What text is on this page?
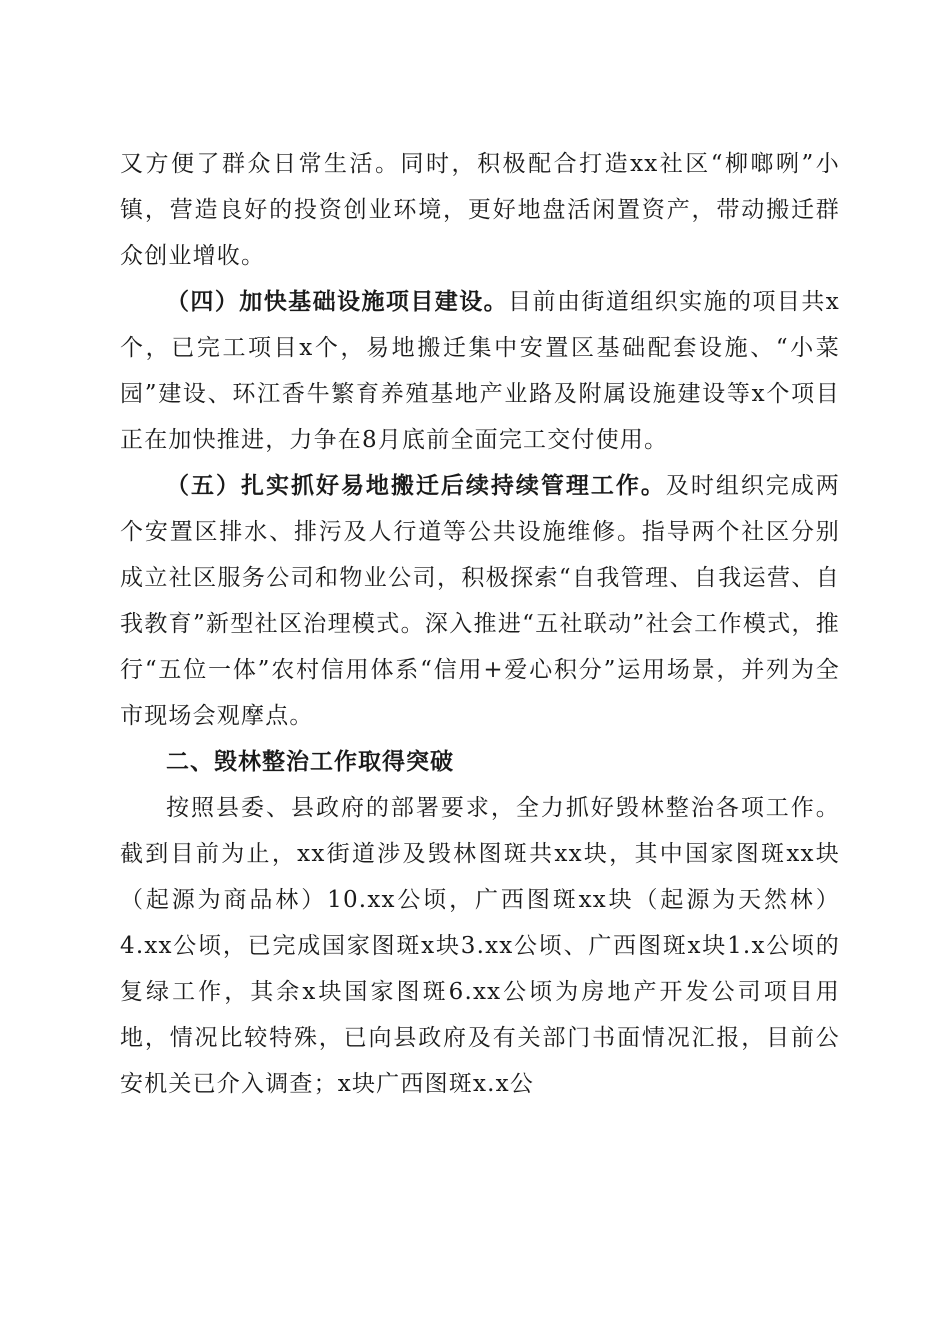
又方便了群众日常生活。同时，积极配合打造xx社区“柳啷咧”小镇，营造良好的投资创业环境，更好地盘活闲置资产，带动搬迁群众创业增收。

（四）加快基础设施项目建设。目前由街道组织实施的项目共x个，已完工项目x个，易地搬迁集中安置区基础配套设施、“小菜园”建设、环江香牛繁育养殖基地产业路及附属设施建设等x个项目正在加快推进，力争在8月底前全面完工交付使用。

（五）扎实抓好易地搬迁后续持续管理工作。及时组织完成两个安置区排水、排污及人行道等公共设施维修。指导两个社区分别成立社区服务公司和物业公司，积极探索“自我管理、自我运营、自我教育”新型社区治理模式。深入推进“五社联动”社会工作模式，推行“五位一体”农村信用体系“信用+爱心积分”运用场景，并列为全市现场会观摩点。

二、毁林整治工作取得突破

按照县委、县政府的部署要求，全力抓好毁林整治各项工作。截到目前为止，xx街道涉及毁林图斑共xx块，其中国家图斑xx块（起源为商品林）10.xx公顷，广西图斑xx块（起源为天然林）4.xx公顷，已完成国家图斑x块3.xx公顷、广西图斑x块1.x公顷的复绿工作，其余x块国家图斑6.xx公顷为房地产开发公司项目用地，情况比较特殊，已向县政府及有关部门书面情况汇报，目前公安机关已介入调查；x块广西图斑x.x公
